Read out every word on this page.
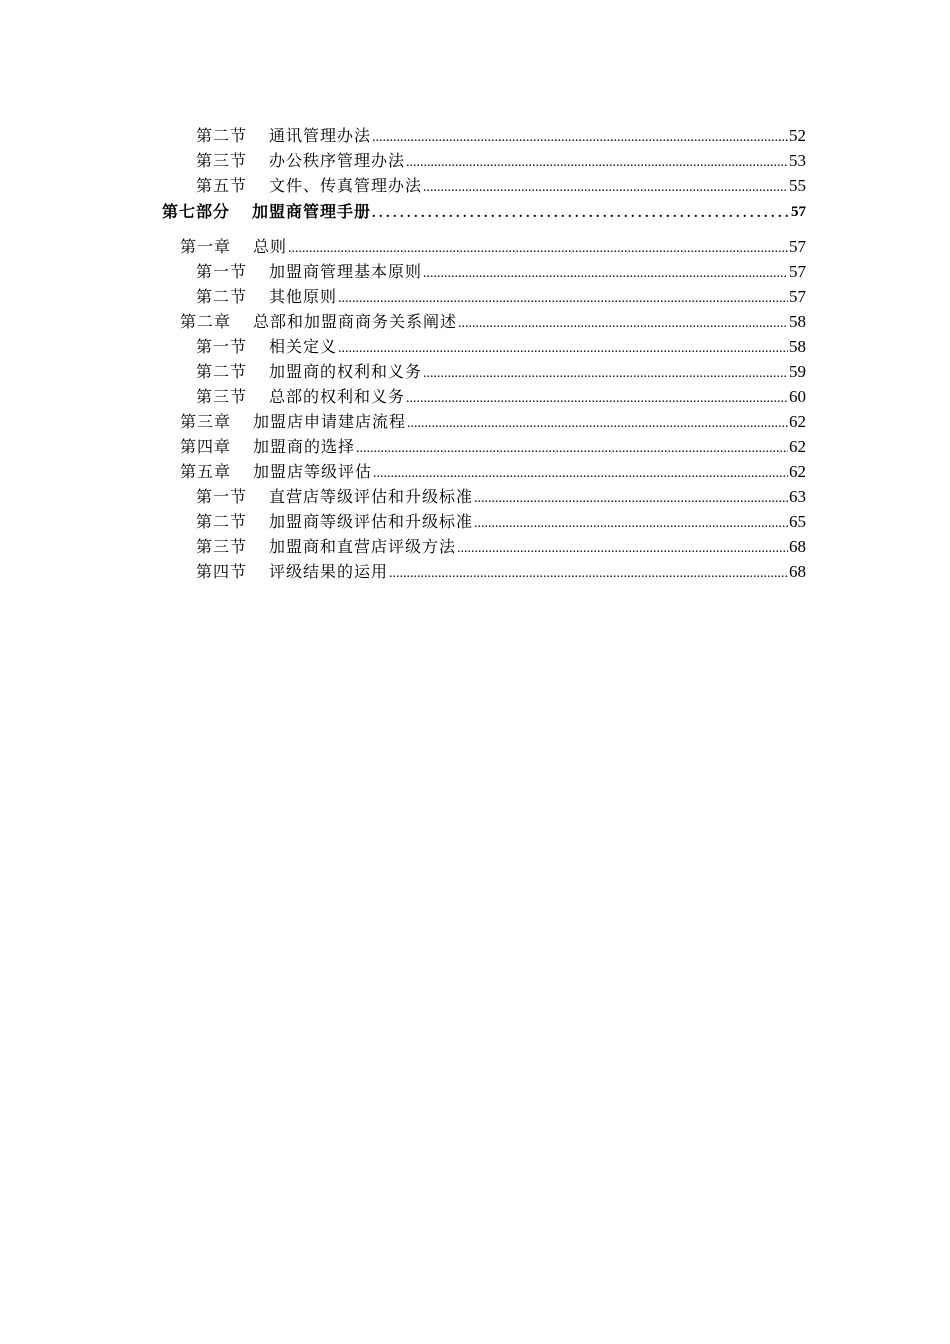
第二节 通讯管理办法 .....	52
第三节 办公秩序管理办法 .....	53
第五节 文件、传真管理办法 .....	55
第七部分 加盟商管理手册 . . .	57
第一章 总则 .....	57
第一节 加盟商管理基本原则 .....	57
第二节 其他原则 .....	57
第二章 总部和加盟商商务关系阐述 .....	58
第一节 相关定义 .....	58
第二节 加盟商的权利和义务 .....	59
第三节 总部的权利和义务 .....	60
第三章 加盟店申请建店流程 .....	62
第四章 加盟商的选择 .....	62
第五章 加盟店等级评估 .....	62
第一节 直营店等级评估和升级标准 .....	63
第二节 加盟商等级评估和升级标准 .....	65
第三节 加盟商和直营店评级方法 .....	68
第四节 评级结果的运用 .....	68
